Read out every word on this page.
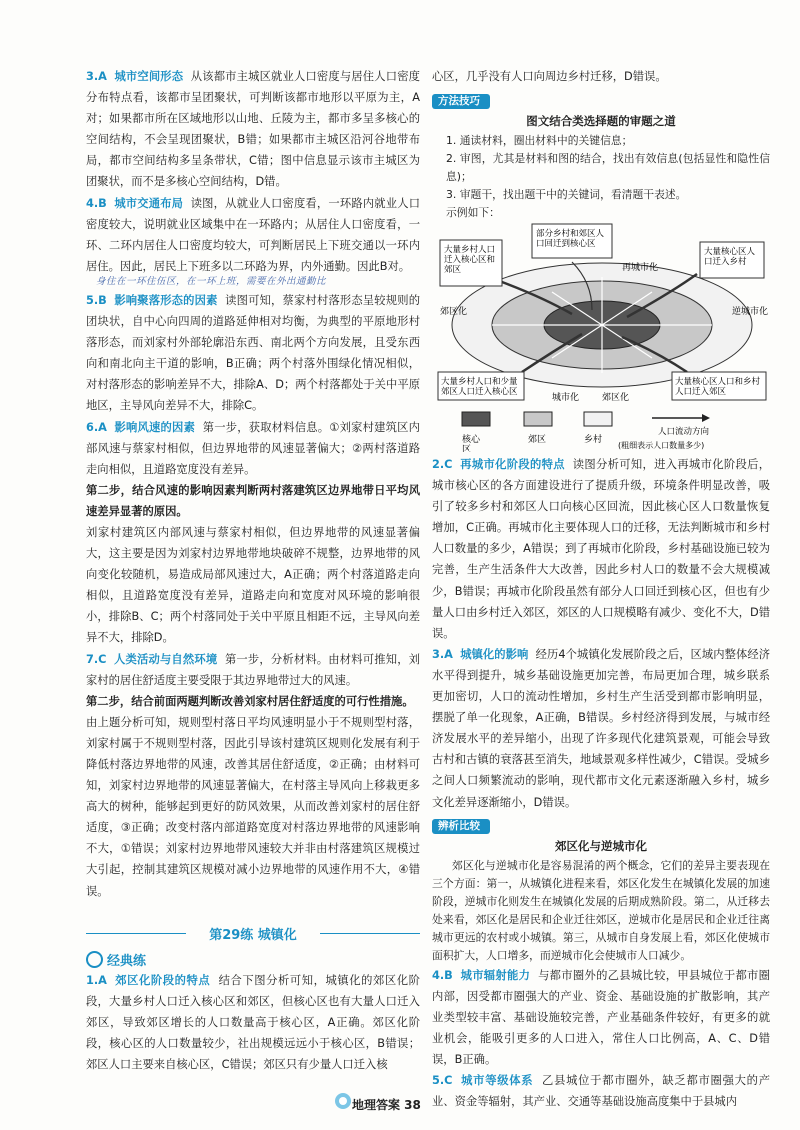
3.A 城市空间形态 从该都市主城区就业人口密度与居住人口密度分布特点看，该都市呈团聚状，可判断该都市地形以平原为主，A对；如果都市所在区域地形以山地、丘陵为主，都市多呈多核心的空间结构，不会呈现团聚状，B错；如果都市主城区沿河谷地带布局，都市空间结构多呈条带状，C错；图中信息显示该市主城区为团聚状，而不是多核心空间结构，D错。

4.B 城市交通布局 读图，从就业人口密度看，一环路内就业人口密度较大，说明就业区域集中在一环路内；从居住人口密度看，一环、二环内居住人口密度均较大，可判断居民上下班交通以一环内居住。因此，居民上下班多以二环路为界，内外通勤。因此B对。

身住在一环住伍区，在一环上班，需要在外出通勤比

5.B 影响聚落形态的因素 读图可知，蔡家村村落形态呈较规则的团块状，自中心向四周的道路延伸相对均衡，为典型的平原地形村落形态，而刘家村外部轮廓沿东西、南北两个方向发展，且受东西向和南北向主干道的影响，B正确；两个村落外围绿化情况相似，对村落形态的影响差异不大，排除A、D；两个村落都处于关中平原地区，主导风向差异不大，排除C。

6.A 影响风速的因素 第一步，获取材料信息。①刘家村建筑区内部风速与蔡家村相似，但边界地带的风速显著偏大；②两村落道路走向相似，且道路宽度没有差异。

第二步，结合风速的影响因素判断两村落建筑区边界地带日平均风速差异显著的原因。

刘家村建筑区内部风速与蔡家村相似，但边界地带的风速显著偏大，这主要是因为刘家村边界地带地块破碎不规整，边界地带的风向变化较随机，易造成局部风速过大，A正确；两个村落道路走向相似，且道路宽度没有差异，道路走向和宽度对风环境的影响很小，排除B、C；两个村落同处于关中平原且相距不远，主导风向差异不大，排除D。

7.C 人类活动与自然环境 第一步，分析材料。由材料可推知，刘家村的居住舒适度主要受限于其边界地带过大的风速。

第二步，结合前面两题判断改善刘家村居住舒适度的可行性措施。

由上题分析可知，规则型村落日平均风速明显小于不规则型村落，刘家村属于不规则型村落，因此引导该村建筑区规则化发展有利于降低村落边界地带的风速，改善其居住舒适度，②正确；由材料可知，刘家村边界地带的风速显著偏大，在村落主导风向上移栽更多高大的树种，能够起到更好的防风效果，从而改善刘家村的居住舒适度，③正确；改变村落内部道路宽度对村落边界地带的风速影响不大，①错误；刘家村边界地带风速较大并非由村落建筑区规模过大引起，控制其建筑区规模对减小边界地带的风速作用不大，④错误。

第29练 城镇化
经典练

1.A 郊区化阶段的特点 结合下图分析可知，城镇化的郊区化阶段，大量乡村人口迁入核心区和郊区，但核心区也有大量人口迁入郊区，导致郊区增长的人口数量高于核心区，A正确。郊区化阶段，核心区的人口数量较少，社出规模远远小于核心区，B错误；郊区人口主要来自核心区，C错误；郊区只有少量人口迁入核

心区，几乎没有人口向周边乡村迁移，D错误。

方法技巧

图文结合类选择题的审题之道

1. 通读材料，圈出材料中的关键信息；

2. 审图，尤其是材料和图的结合，找出有效信息(包括显性和隐性信息)；

3. 审题干，找出题干中的关键词，看清题干表述。

示例如下：

大量乡村人口迁入核心区和郊区
部分乡村和郊区人口回迁到核心区
大量核心区人口迁入乡村
再城市化
郊区化	逆城市化
城市化
大量乡村人口和少量郊区人口迁入核心区
郊区化
大量核心区人口和乡村人口迁入郊区
核心区
郊区	乡村
人口流动方向
(粗细表示人口数量多少)

2.C 再城市化阶段的特点 读图分析可知，进入再城市化阶段后，城市核心区的各方面建设进行了提质升级，环境条件明显改善，吸引了较多乡村和郊区人口向核心区回流，因此核心区人口数量恢复增加，C正确。再城市化主要体现人口的迁移，无法判断城市和乡村人口数量的多少，A错误；到了再城市化阶段，乡村基础设施已较为完善，生产生活条件大大改善，因此乡村人口的数量不会大规模减少，B错误；再城市化阶段虽然有部分人口回迁到核心区，但也有少量人口由乡村迁入郊区，郊区的人口规模略有减少、变化不大，D错误。

3.A 城镇化的影响 经历4个城镇化发展阶段之后，区域内整体经济水平得到提升，城乡基础设施更加完善，布局更加合理，城乡联系更加密切，人口的流动性增加，乡村生产生活受到都市影响明显，摆脱了单一化现象，A正确，B错误。乡村经济得到发展，与城市经济发展水平的差异缩小，出现了许多现代化建筑景观，可能会导致古村和古镇的衰落甚至消失，地域景观多样性减少，C错误。受城乡之间人口频繁流动的影响，现代都市文化元素逐渐融入乡村，城乡文化差异逐渐缩小，D错误。

辨析比较

郊区化与逆城市化

郊区化与逆城市化是容易混淆的两个概念，它们的差异主要表现在三个方面：第一，从城镇化进程来看，郊区化发生在城镇化发展的加速阶段，逆城市化则发生在城镇化发展的后期成熟阶段。第二，从迁移去处来看，郊区化是居民和企业迁往郊区，逆城市化是居民和企业迁往离城市更远的农村或小城镇。第三，从城市自身发展上看，郊区化使城市面积扩大，人口增多，而逆城市化会使城市人口减少。

4.B 城市辐射能力 与都市圈外的乙县城比较，甲县城位于都市圈内部，因受都市圈强大的产业、资金、基础设施的扩散影响，其产业类型较丰富、基础设施较完善，产业基础条件较好，有更多的就业机会，能吸引更多的人口进入，常住人口比例高，A、C、D错误，B正确。

5.C 城市等级体系 乙县城位于都市圈外，缺乏都市圈强大的产业、资金等辐射，其产业、交通等基础设施高度集中于县城内

地理答案 38
